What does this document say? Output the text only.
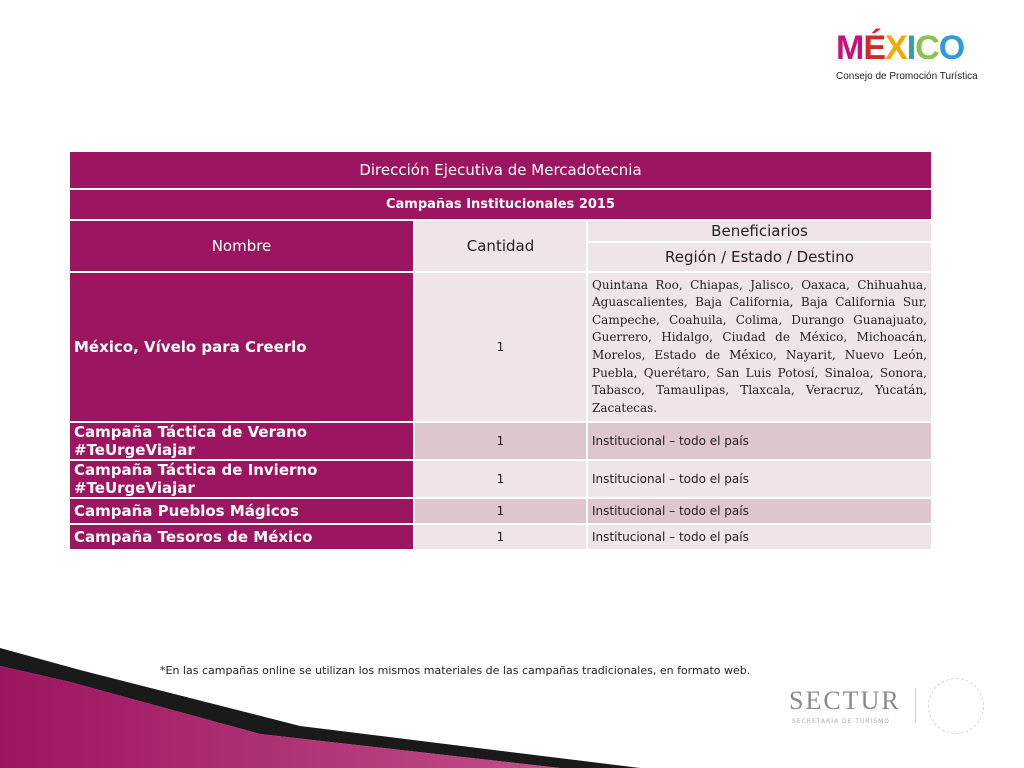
MÉXICO
Consejo de Promoción Turística
Dirección Ejecutiva de Mercadotecnia		
Campañas Institucionales 2015		
Nombre	Cantidad	Beneficiarios
		Región / Estado / Destino
México, Vívelo para Creerlo	1	Quintana Roo, Chiapas, Jalisco, Oaxaca, Chihuahua, Aguascalientes, Baja California, Baja California Sur, Campeche, Coahuila, Colima, Durango Guanajuato, Guerrero, Hidalgo, Ciudad de México, Michoacán, Morelos, Estado de México, Nayarit, Nuevo León, Puebla, Querétaro, San Luis Potosí, Sinaloa, Sonora, Tabasco, Tamaulipas, Tlaxcala, Veracruz, Yucatán, Zacatecas.
Campaña Táctica de Verano #TeUrgeViajar	1	Institucional – todo el país
Campaña Táctica de Invierno #TeUrgeViajar	1	Institucional – todo el país
Campaña Pueblos Mágicos	1	Institucional – todo el país
Campaña Tesoros de México	1	Institucional – todo el país
*En las campañas online se utilizan los mismos materiales de las campañas tradicionales, en formato web.
SECTUR
SECRETARÍA DE TURISMO
